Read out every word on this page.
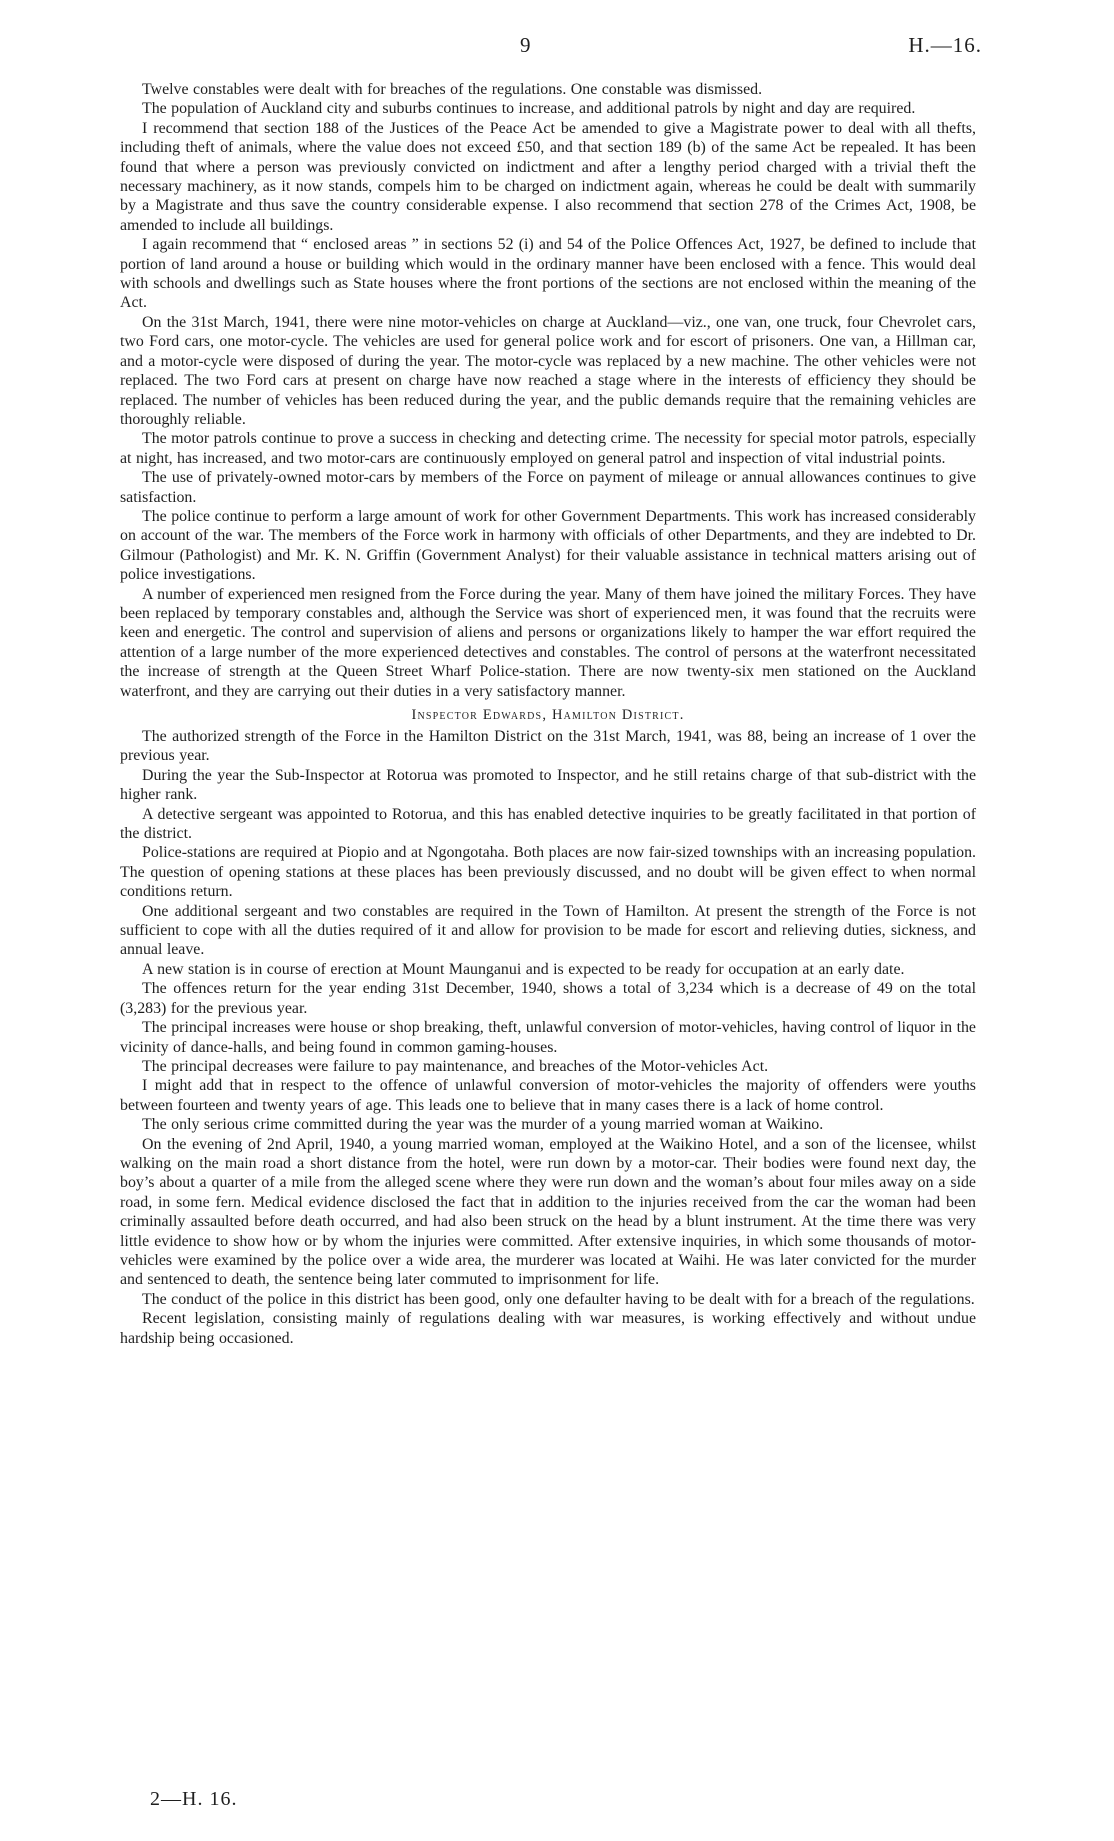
9	H.—16.

Twelve constables were dealt with for breaches of the regulations. One constable was dismissed.

The population of Auckland city and suburbs continues to increase, and additional patrols by night and day are required.

I recommend that section 188 of the Justices of the Peace Act be amended to give a Magistrate power to deal with all thefts, including theft of animals, where the value does not exceed £50, and that section 189 (b) of the same Act be repealed. It has been found that where a person was previously convicted on indictment and after a lengthy period charged with a trivial theft the necessary machinery, as it now stands, compels him to be charged on indictment again, whereas he could be dealt with summarily by a Magistrate and thus save the country considerable expense. I also recommend that section 278 of the Crimes Act, 1908, be amended to include all buildings.

I again recommend that “ enclosed areas ” in sections 52 (i) and 54 of the Police Offences Act, 1927, be defined to include that portion of land around a house or building which would in the ordinary manner have been enclosed with a fence. This would deal with schools and dwellings such as State houses where the front portions of the sections are not enclosed within the meaning of the Act.

On the 31st March, 1941, there were nine motor-vehicles on charge at Auckland—viz., one van, one truck, four Chevrolet cars, two Ford cars, one motor-cycle. The vehicles are used for general police work and for escort of prisoners. One van, a Hillman car, and a motor-cycle were disposed of during the year. The motor-cycle was replaced by a new machine. The other vehicles were not replaced. The two Ford cars at present on charge have now reached a stage where in the interests of efficiency they should be replaced. The number of vehicles has been reduced during the year, and the public demands require that the remaining vehicles are thoroughly reliable.

The motor patrols continue to prove a success in checking and detecting crime. The necessity for special motor patrols, especially at night, has increased, and two motor-cars are continuously employed on general patrol and inspection of vital industrial points.

The use of privately-owned motor-cars by members of the Force on payment of mileage or annual allowances continues to give satisfaction.

The police continue to perform a large amount of work for other Government Departments. This work has increased considerably on account of the war. The members of the Force work in harmony with officials of other Departments, and they are indebted to Dr. Gilmour (Pathologist) and Mr. K. N. Griffin (Government Analyst) for their valuable assistance in technical matters arising out of police investigations.

A number of experienced men resigned from the Force during the year. Many of them have joined the military Forces. They have been replaced by temporary constables and, although the Service was short of experienced men, it was found that the recruits were keen and energetic. The control and supervision of aliens and persons or organizations likely to hamper the war effort required the attention of a large number of the more experienced detectives and constables. The control of persons at the waterfront necessitated the increase of strength at the Queen Street Wharf Police-station. There are now twenty-six men stationed on the Auckland waterfront, and they are carrying out their duties in a very satisfactory manner.

Inspector Edwards, Hamilton District.

The authorized strength of the Force in the Hamilton District on the 31st March, 1941, was 88, being an increase of 1 over the previous year.

During the year the Sub-Inspector at Rotorua was promoted to Inspector, and he still retains charge of that sub-district with the higher rank.

A detective sergeant was appointed to Rotorua, and this has enabled detective inquiries to be greatly facilitated in that portion of the district.

Police-stations are required at Piopio and at Ngongotaha. Both places are now fair-sized townships with an increasing population. The question of opening stations at these places has been previously discussed, and no doubt will be given effect to when normal conditions return.

One additional sergeant and two constables are required in the Town of Hamilton. At present the strength of the Force is not sufficient to cope with all the duties required of it and allow for provision to be made for escort and relieving duties, sickness, and annual leave.

A new station is in course of erection at Mount Maunganui and is expected to be ready for occupation at an early date.

The offences return for the year ending 31st December, 1940, shows a total of 3,234 which is a decrease of 49 on the total (3,283) for the previous year.

The principal increases were house or shop breaking, theft, unlawful conversion of motor-vehicles, having control of liquor in the vicinity of dance-halls, and being found in common gaming-houses.

The principal decreases were failure to pay maintenance, and breaches of the Motor-vehicles Act.

I might add that in respect to the offence of unlawful conversion of motor-vehicles the majority of offenders were youths between fourteen and twenty years of age. This leads one to believe that in many cases there is a lack of home control.

The only serious crime committed during the year was the murder of a young married woman at Waikino.

On the evening of 2nd April, 1940, a young married woman, employed at the Waikino Hotel, and a son of the licensee, whilst walking on the main road a short distance from the hotel, were run down by a motor-car. Their bodies were found next day, the boy’s about a quarter of a mile from the alleged scene where they were run down and the woman’s about four miles away on a side road, in some fern. Medical evidence disclosed the fact that in addition to the injuries received from the car the woman had been criminally assaulted before death occurred, and had also been struck on the head by a blunt instrument. At the time there was very little evidence to show how or by whom the injuries were committed. After extensive inquiries, in which some thousands of motor-vehicles were examined by the police over a wide area, the murderer was located at Waihi. He was later convicted for the murder and sentenced to death, the sentence being later commuted to imprisonment for life.

The conduct of the police in this district has been good, only one defaulter having to be dealt with for a breach of the regulations.

Recent legislation, consisting mainly of regulations dealing with war measures, is working effectively and without undue hardship being occasioned.

2—H. 16.
